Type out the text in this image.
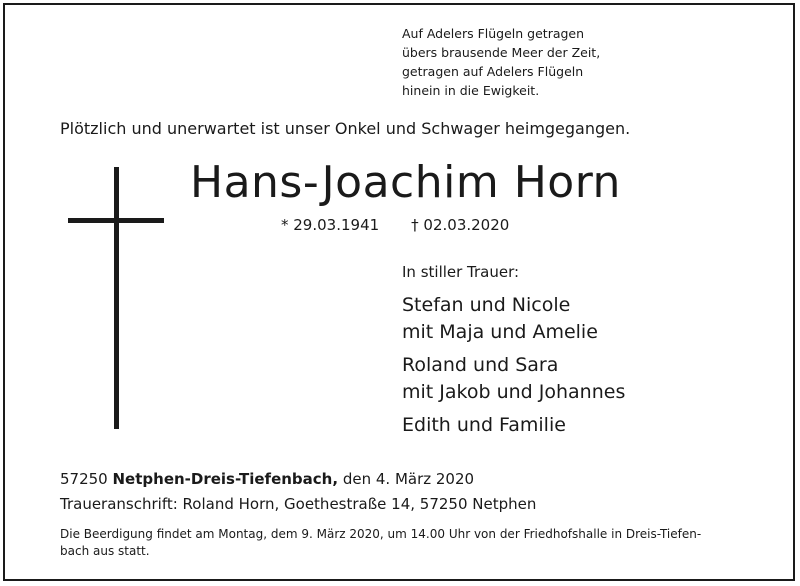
Auf Adelers Flügeln getragen
übers brausende Meer der Zeit,
getragen auf Adelers Flügeln
hinein in die Ewigkeit.
Plötzlich und unerwartet ist unser Onkel und Schwager heimgegangen.
Hans-Joachim Horn
* 29.03.1941 † 02.03.2020
In stiller Trauer:
Stefan und Nicole
mit Maja und Amelie
Roland und Sara
mit Jakob und Johannes
Edith und Familie
57250 Netphen-Dreis-Tiefenbach, den 4. März 2020
Traueranschrift: Roland Horn, Goethestraße 14, 57250 Netphen
Die Beerdigung findet am Montag, dem 9. März 2020, um 14.00 Uhr von der Friedhofshalle in Dreis-Tiefen-
bach aus statt.
